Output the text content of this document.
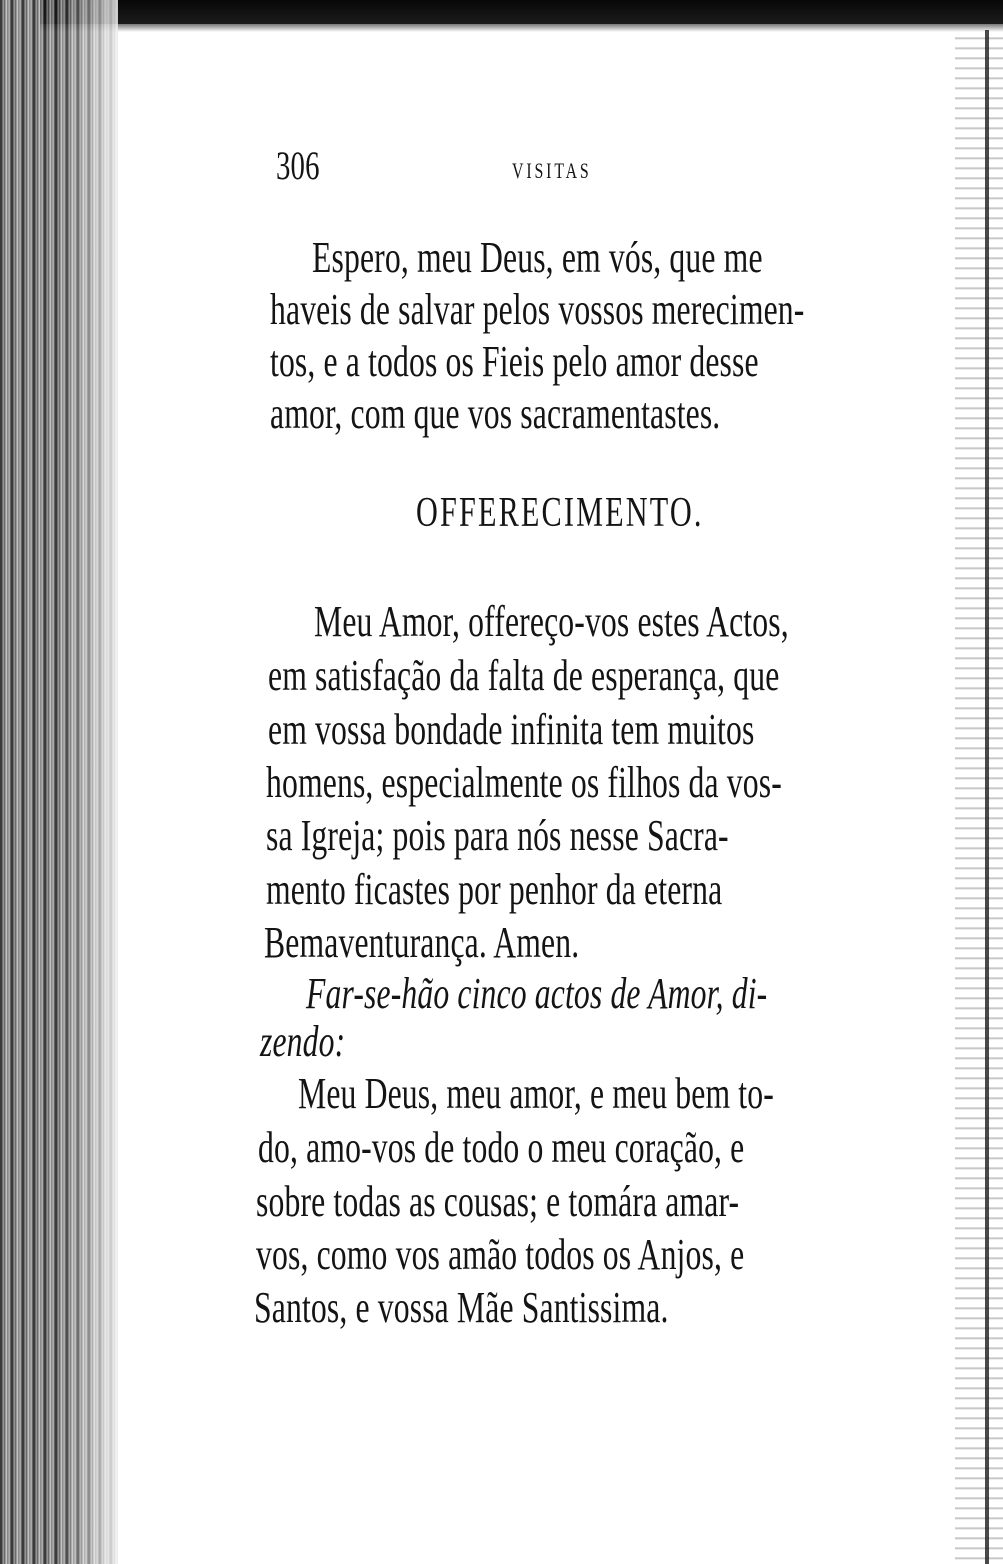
306	VISITAS
Espero, meu Deus, em vós, que me
haveis de salvar pelos vossos merecimen-
tos, e a todos os Fieis pelo amor desse
amor, com que vos sacramentastes.
OFFERECIMENTO.
Meu Amor, offereço-vos estes Actos,
em satisfação da falta de esperança, que
em vossa bondade infinita tem muitos
homens, especialmente os filhos da vos-
sa Igreja; pois para nós nesse Sacra-
mento ficastes por penhor da eterna
Bemaventurança. Amen.
Far-se-hão cinco actos de Amor, di-
zendo:
Meu Deus, meu amor, e meu bem to-
do, amo-vos de todo o meu coração, e
sobre todas as cousas; e tomára amar-
vos, como vos amão todos os Anjos, e
Santos, e vossa Mãe Santissima.
